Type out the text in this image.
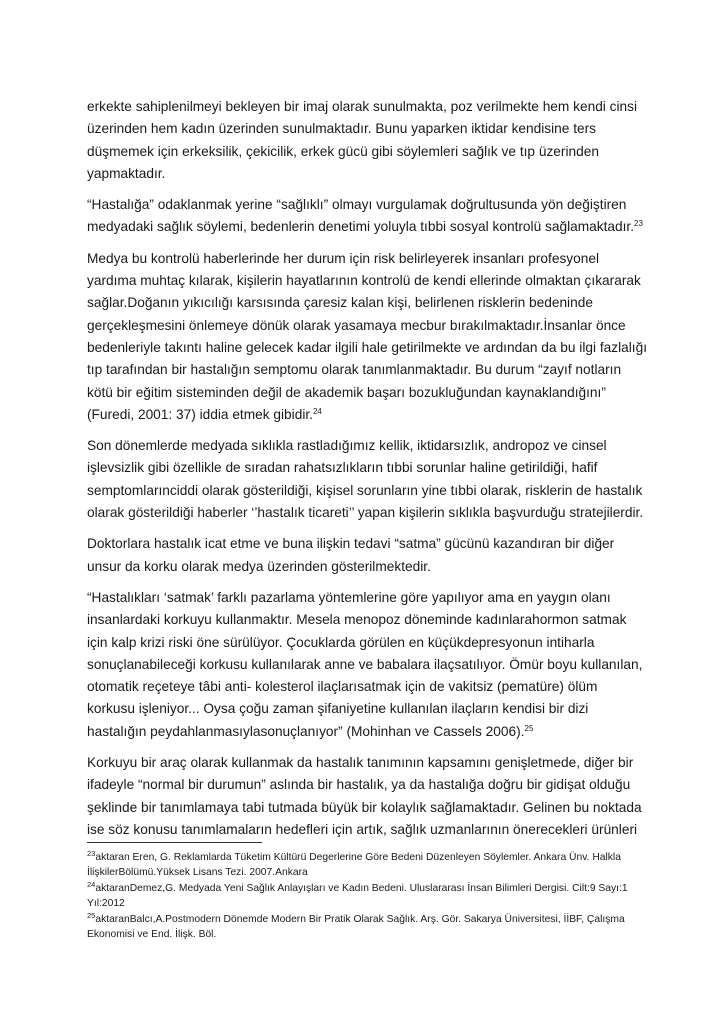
erkekte sahiplenilmeyi bekleyen bir imaj olarak sunulmakta, poz verilmekte hem kendi cinsi üzerinden hem kadın üzerinden sunulmaktadır. Bunu yaparken iktidar kendisine ters düşmemek için erkeksilik, çekicilik, erkek gücü gibi söylemleri sağlık ve tıp üzerinden yapmaktadır.

“Hastalığa” odaklanmak yerine “sağlıklı” olmayı vurgulamak doğrultusunda yön değiştiren medyadaki sağlık söylemi, bedenlerin denetimi yoluyla tıbbi sosyal kontrolü sağlamaktadır.$^{23}$

Medya bu kontrolü haberlerinde her durum için risk belirleyerek insanları profesyonel yardıma muhtaç kılarak, kişilerin hayatlarının kontrolü de kendi ellerinde olmaktan çıkararak sağlar.Doğanın yıkıcılığı karsısında çaresiz kalan kişi, belirlenen risklerin bedeninde gerçekleşmesini önlemeye dönük olarak yasamaya mecbur bırakılmaktadır.İnsanlar önce bedenleriyle takıntı haline gelecek kadar ilgili hale getirilmekte ve ardından da bu ilgi fazlalığı tıp tarafından bir hastalığın semptomu olarak tanımlanmaktadır. Bu durum “zayıf notların kötü bir eğitim sisteminden değil de akademik başarı bozukluğundan kaynaklandığını” (Furedi, 2001: 37) iddia etmek gibidir.$^{24}$

Son dönemlerde medyada sıklıkla rastladığımız kellik, iktidarsızlık, andropoz ve cinsel işlevsizlik gibi özellikle de sıradan rahatsızlıkların tıbbi sorunlar haline getirildiği, hafif semptomlarınciddi olarak gösterildiği, kişisel sorunların yine tıbbi olarak, risklerin de hastalık olarak gösterildiği haberler ‘’hastalık ticareti’’ yapan kişilerin sıklıkla başvurduğu stratejilerdir.

Doktorlara hastalık icat etme ve buna ilişkin tedavi “satma” gücünü kazandıran bir diğer unsur da korku olarak medya üzerinden gösterilmektedir.

“Hastalıkları ‘satmak’ farklı pazarlama yöntemlerine göre yapılıyor ama en yaygın olanı insanlardaki korkuyu kullanmaktır. Mesela menopoz döneminde kadınlarahormon satmak için kalp krizi riski öne sürülüyor. Çocuklarda görülen en küçükdepresyonun intiharla sonuçlanabileceği korkusu kullanılarak anne ve babalara ilaçsatılıyor. Ömür boyu kullanılan, otomatik reçeteye tâbi anti- kolesterol ilaçlarısatmak için de vakitsiz (pematüre) ölüm korkusu işleniyor... Oysa çoğu zaman şifaniyetine kullanılan ilaçların kendisi bir dizi hastalığın peydahlanmasıylasonuçlanıyor” (Mohinhan ve Cassels 2006).$^{25}$

Korkuyu bir araç olarak kullanmak da hastalık tanımının kapsamını genişletmede, diğer bir ifadeyle “normal bir durumun” aslında bir hastalık, ya da hastalığa doğru bir gidişat olduğu şeklinde bir tanımlamaya tabi tutmada büyük bir kolaylık sağlamaktadır. Gelinen bu noktada ise söz konusu tanımlamaların hedefleri için artık, sağlık uzmanlarının önerecekleri ürünleri

$^{23}$aktaran Eren, G. Reklamlarda Tüketim Kültürü Degerlerine Göre Bedeni Düzenleyen Söylemler. Ankara Ünv. Halkla İlişkilerBölümü.Yüksek Lisans Tezi. 2007.Ankara

$^{24}$aktaranDemez,G. Medyada Yeni Sağlık Anlayışları ve Kadın Bedeni. Uluslararası İnsan Bilimleri Dergisi. Cilt:9 Sayı:1 Yıl:2012

$^{25}$aktaranBalcı,A.Postmodern Dönemde Modern Bir Pratik Olarak Sağlık. Arş. Gör. Sakarya Üniversitesi, İİBF, Çalışma Ekonomisi ve End. İlişk. Böl.
